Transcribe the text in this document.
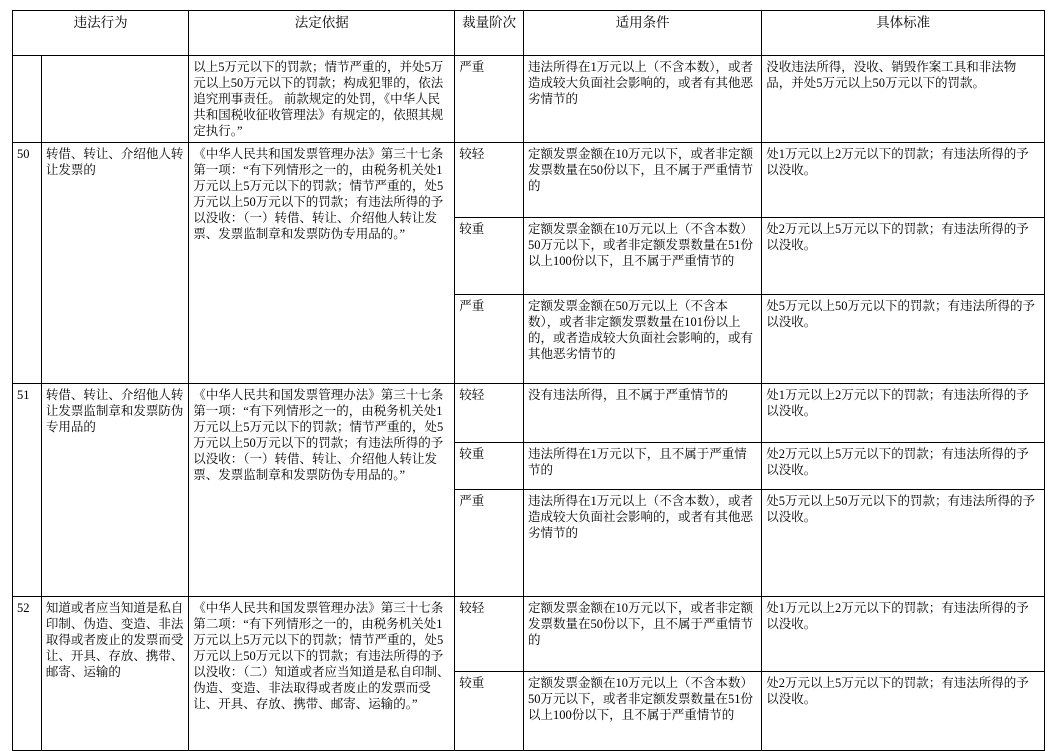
违法行为		法定依据	裁量阶次	适用条件	具体标准
		以上5万元以下的罚款；情节严重的，并处5万元以上50万元以下的罚款；构成犯罪的，依法追究刑事责任。 前款规定的处罚，《中华人民共和国税收征收管理法》有规定的，依照其规定执行。”	严重	违法所得在1万元以上（不含本数），或者造成较大负面社会影响的，或者有其他恶劣情节的	没收违法所得，没收、销毁作案工具和非法物品，并处5万元以上50万元以下的罚款。
50	转借、转让、介绍他人转让发票的	《中华人民共和国发票管理办法》第三十七条第一项：“有下列情形之一的，由税务机关处1万元以上5万元以下的罚款；情节严重的，处5万元以上50万元以下的罚款；有违法所得的予以没收：（一）转借、转让、介绍他人转让发票、发票监制章和发票防伪专用品的。”	较轻	定额发票金额在10万元以下，或者非定额发票数量在50份以下，且不属于严重情节的	处1万元以上2万元以下的罚款；有违法所得的予以没收。
			较重	定额发票金额在10万元以上（不含本数）50万元以下，或者非定额发票数量在51份以上100份以下，且不属于严重情节的	处2万元以上5万元以下的罚款；有违法所得的予以没收。
			严重	定额发票金额在50万元以上（不含本数），或者非定额发票数量在101份以上的，或者造成较大负面社会影响的，或有其他恶劣情节的	处5万元以上50万元以下的罚款；有违法所得的予以没收。
51	转借、转让、介绍他人转让发票监制章和发票防伪专用品的	《中华人民共和国发票管理办法》第三十七条第一项：“有下列情形之一的，由税务机关处1万元以上5万元以下的罚款；情节严重的，处5万元以上50万元以下的罚款；有违法所得的予以没收：（一）转借、转让、介绍他人转让发票、发票监制章和发票防伪专用品的。”	较轻	没有违法所得，且不属于严重情节的	处1万元以上2万元以下的罚款；有违法所得的予以没收。
			较重	违法所得在1万元以下，且不属于严重情节的	处2万元以上5万元以下的罚款；有违法所得的予以没收。
			严重	违法所得在1万元以上（不含本数），或者造成较大负面社会影响的，或者有其他恶劣情节的	处5万元以上50万元以下的罚款；有违法所得的予以没收。
52	知道或者应当知道是私自印制、伪造、变造、非法取得或者废止的发票而受让、开具、存放、携带、邮寄、运输的	《中华人民共和国发票管理办法》第三十七条第二项：“有下列情形之一的，由税务机关处1万元以上5万元以下的罚款；情节严重的，处5万元以上50万元以下的罚款；有违法所得的予以没收：（二）知道或者应当知道是私自印制、伪造、变造、非法取得或者废止的发票而受让、开具、存放、携带、邮寄、运输的。”	较轻	定额发票金额在10万元以下，或者非定额发票数量在50份以下，且不属于严重情节的	处1万元以上2万元以下的罚款；有违法所得的予以没收。
			较重	定额发票金额在10万元以上（不含本数）50万元以下，或者非定额发票数量在51份以上100份以下，且不属于严重情节的	处2万元以上5万元以下的罚款；有违法所得的予以没收。
